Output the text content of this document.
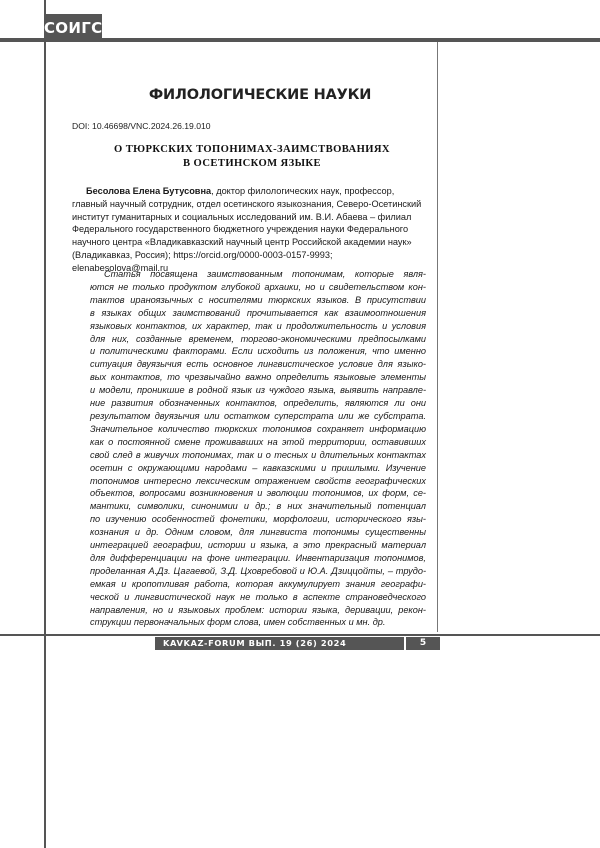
СОИГСИ
ФИЛОЛОГИЧЕСКИЕ НАУКИ
DOI: 10.46698/VNC.2024.26.19.010
О ТЮРКСКИХ ТОПОНИМАХ-ЗАИМСТВОВАНИЯХ
В ОСЕТИНСКОМ ЯЗЫКЕ
Бесолова Елена Бутусовна, доктор филологических наук, профессор, главный научный сотрудник, отдел осетинского языкознания, Северо-Осетинский институт гуманитарных и социальных исследований им. В.И. Абаева – филиал Федерального государственного бюджетного учреждения науки Федерального научного центра «Владикавказский научный центр Российской академии наук» (Владикавказ, Россия); https://orcid.org/0000-0003-0157-9993; elenabesolova@mail.ru
Статья посвящена заимствованным топонимам, которые явля-
ются не только продуктом глубокой архаики, но и свидетельством кон-
тактов ираноязычных с носителями тюркских языков. В присутствии
в языках общих заимствований прочитывается как взаимоотношения
языковых контактов, их характер, так и продолжительность и условия
для них, созданные временем, торгово-экономическими предпосылками
и политическими факторами. Если исходить из положения, что именно
ситуация двуязычия есть основное лингвистическое условие для языко-
вых контактов, то чрезвычайно важно определить языковые элементы
и модели, проникшие в родной язык из чуждого языка, выявить направле-
ние развития обозначенных контактов, определить, являются ли они
результатом двуязычия или остатком суперстрата или же субстрата.
Значительное количество тюркских топонимов сохраняет информацию
как о постоянной смене проживавших на этой территории, оставивших
свой след в живучих топонимах, так и о тесных и длительных контактах
осетин с окружающими народами – кавказскими и пришлыми. Изучение
топонимов интересно лексическим отражением свойств географических
объектов, вопросами возникновения и эволюции топонимов, их форм, се-
мантики, символики, синонимии и др.; в них значительный потенциал
по изучению особенностей фонетики, морфологии, исторического язы-
кознания и др. Одним словом, для лингвиста топонимы существенны
интеграцией географии, истории и языка, а это прекрасный материал
для дифференциации на фоне интеграции. Инвентаризация топонимов,
проделанная А.Дз. Цагаевой, З.Д. Цховребовой и Ю.А. Дзиццойты, – трудо-
емкая и кропотливая работа, которая аккумулирует знания географи-
ческой и лингвистической наук не только в аспекте страноведческого
направления, но и языковых проблем: истории языка, деривации, рекон-
струкции первоначальных форм слова, имен собственных и мн. др.
KAVKAZ-FORUM ВЫП. 19 (26) 2024	5
